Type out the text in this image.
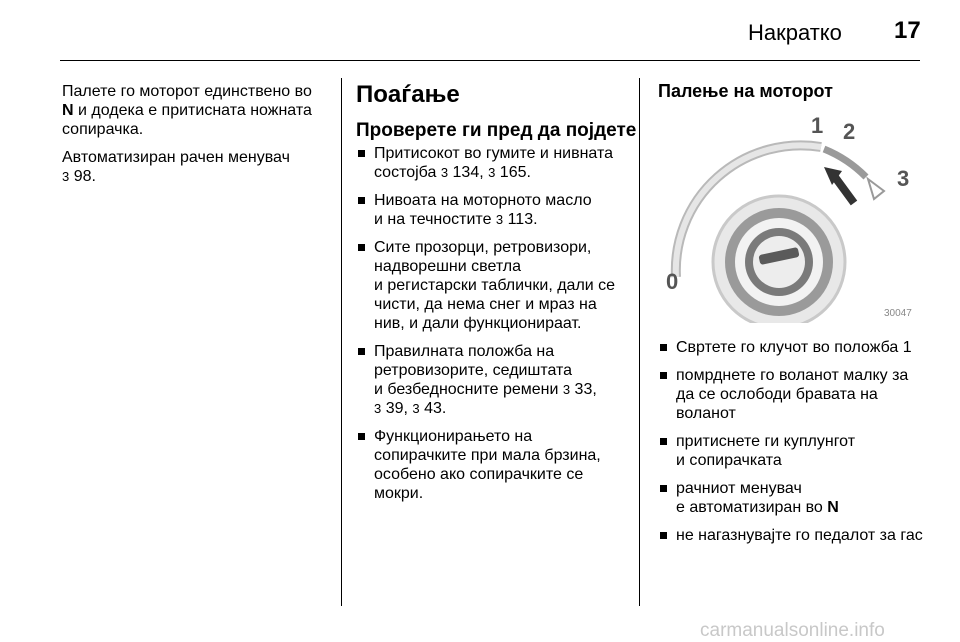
Накратко 17

Палете го моторот единствено во
N и додека е притисната ножната
сопирачка.

Автоматизиран рачен менувач
3 98.

Поаѓање
Проверете ги пред да појдете
Притисокот во гумите и нивната
состојба 3 134, 3 165.
Нивоата на моторното масло
и на течностите 3 113.
Сите прозорци, ретровизори,
надворешни светла
и регистарски таблички, дали се
чисти, да нема снег и мраз на
нив, и дали функционираат.
Правилната положба на
ретровизорите, седиштата
и безбедносните ремени 3 33,
3 39, 3 43.
Функционирањето на
сопирачките при мала брзина,
особено ако сопирачките се
мокри.
Палење на моторот
0
1 2
3
30047
Свртете го клучот во положба 1
помрднете го воланот малку за
да се ослободи бравата на
воланот
притиснете ги куплунгот
и сопирачката
рачниот менувач
е автоматизиран во N
не нагазнувајте го педалот за гас
carmanualsonline.info
